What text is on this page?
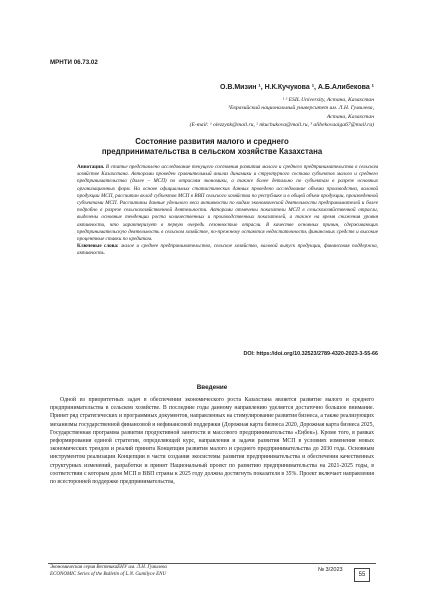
МРНТИ 06.73.02
О.В.Мизин ¹, Н.К.Кучукова ¹, А.Б.Алибекова ¹
¹ ² ESIL University, Астана, Казахстан
³Евразийский национальный университет им. Л.Н. Гумилева,
Астана, Казахстан
(E-mail: ¹ olezzynk@mail.ru, ² nkuchukova@mail.ru, ³ alibekovaaiga67@mail.ru)
Состояние развития малого и среднего
предпринимательства в сельском хозяйстве Казахстана

Аннотация. В статье представлено исследование текущего состояния развития малого и среднего предпринимательства в сельском хозяйстве Казахстана. Авторами проведен сравнительный анализ динамики и структурного состава субъектов малого и среднего предпринимательства (далее – МСП) по отраслям экономики, а также более детально по субъектам в разрезе основных организационных форм. На основе официальных статистических данных проведено исследование объема производства, валовой продукции МСП, рассчитан вклад субъектов МСП в ВВП сельского хозяйства по республике и в общей объем продукции, произведенной субъектами МСП. Рассчитаны данные удельного веса активности по видам экономической деятельности предпринимателей и более подробно в разрезе сельскохозяйственной деятельности. Авторами отмечены показатели МСП в сельскохозяйственной отрасли, выделены основные тенденции роста количественных и производственных показателей, а также на время снижения уровня активности, что характеризует в первую очередь сезонностью отрасли. В качестве основных причин, сдерживающих предпринимательскую деятельность в сельском хозяйстве, по-прежнему остаются недостаточность финансовых средств и высокие процентные ставки по кредитам.

Ключевые слова: малое и среднее предпринимательство, сельское хозяйство, валовой выпуск продукции, финансовая поддержка, активность.

DOI: https://doi.org/10.32523/2789-4320-2023-3-55-66
Введение

Одной из приоритетных задач в обеспечении экономического роста Казахстана является развитие малого и среднего предпринимательства в сельском хозяйстве. В последние годы данному направлению уделяется достаточно большое внимание. Принят ряд стратегических и программных документов, направленных на стимулирование развития бизнеса, а также реализующих механизмы государственной финансовой и нефинансовой поддержки (Дорожная карта бизнеса 2020, Дорожная карта бизнеса 2025, Государственная программа развития продуктивной занятости и массового предпринимательства «Еңбек»). Кроме того, в рамках реформирования единой стратегии, определяющей курс, направления и задачи развития МСП в условиях изменения новых экономических трендов и реалий принята Концепция развития малого и среднего предпринимательства до 2030 года. Основным инструментом реализации Концепции в части создания экосистемы развития предпринимательства и обеспечения качественных структурных изменений, разработки и принят Национальный проект по развитию предпринимательства на 2021-2025 годы, в соответствии с которым доля МСП в ВВП страны к 2025 году должна достигнуть показателя в 35%. Проект включает направления по всесторонней поддержке предпринимательства,

Экономическая серия ВестникаЕНУ им. Л.Н. Гумилева
ECONOMIC Series of the Bulletin of L.N. Gumilyov ENU
№ 3/2023
55
